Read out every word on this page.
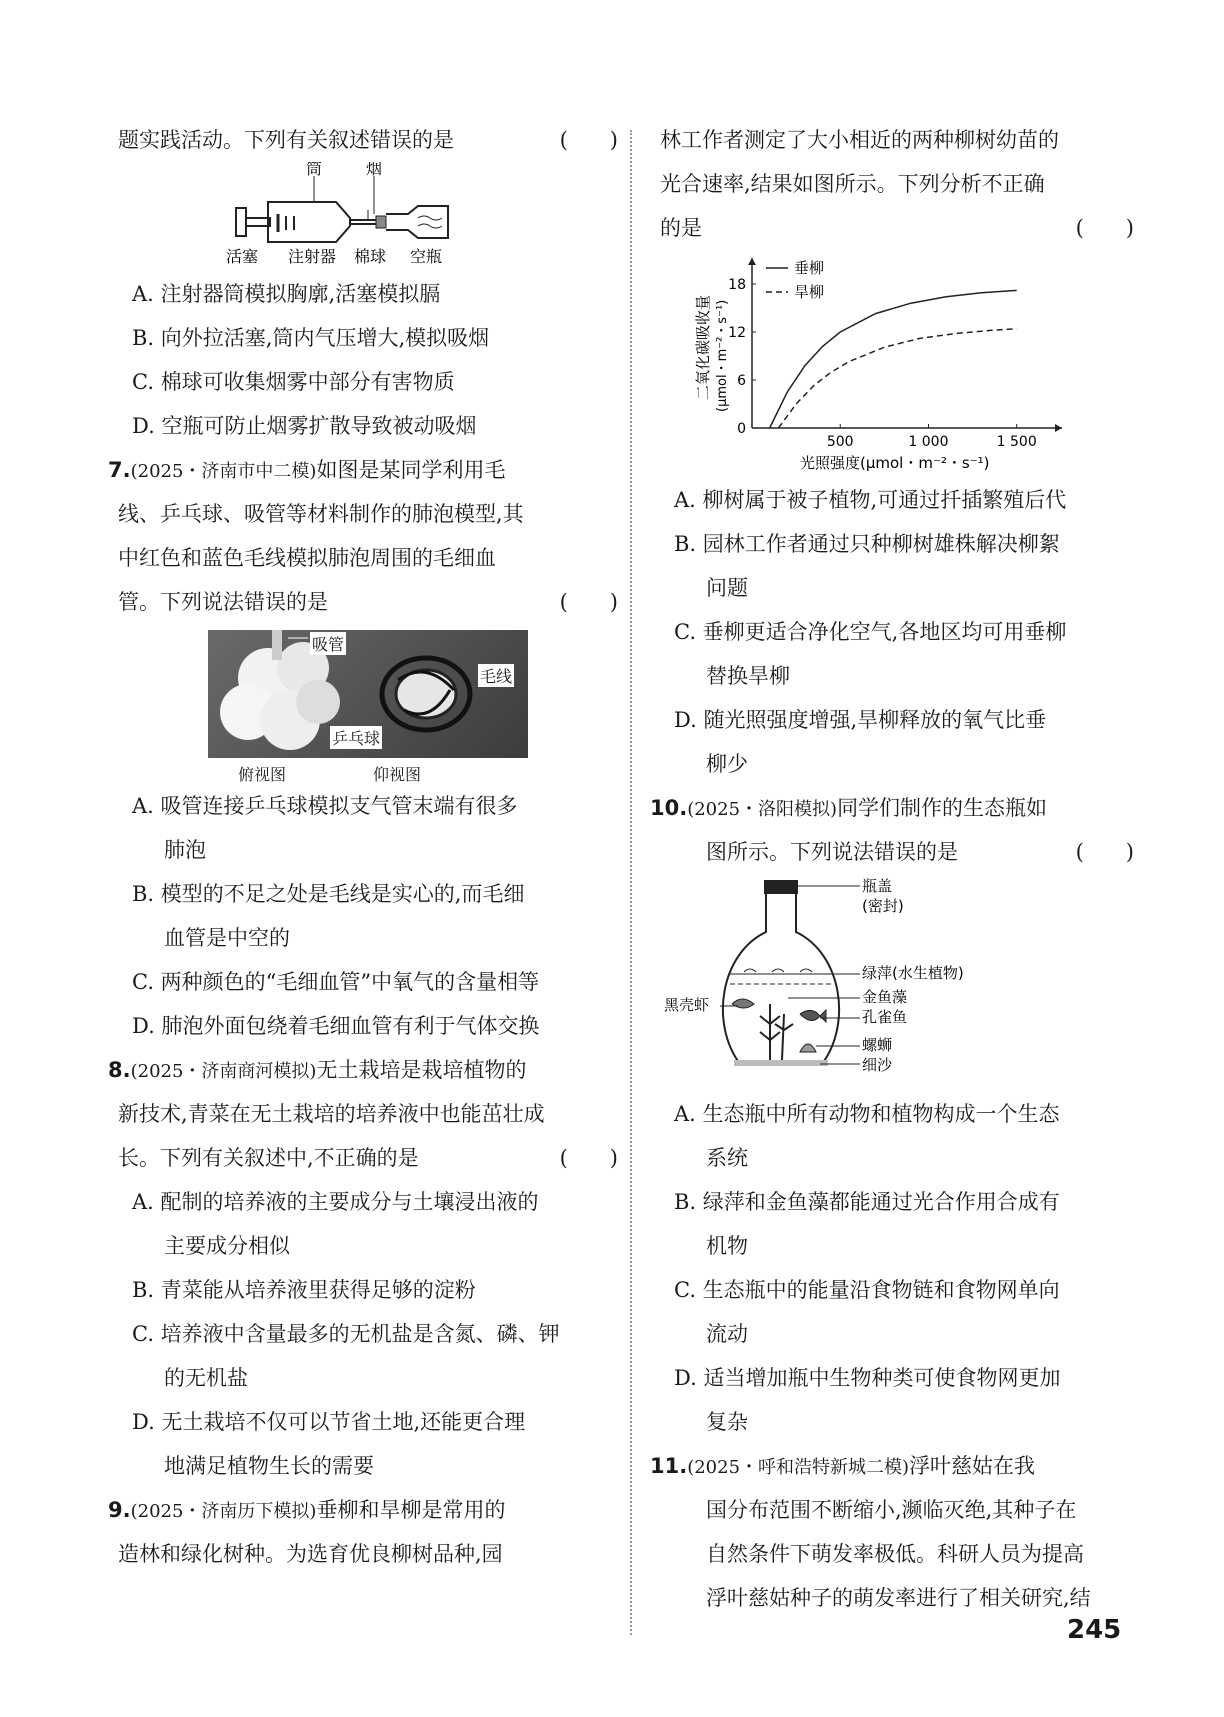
题实践活动。下列有关叙述错误的是	(　　)
筒	烟
活塞 注射器 棉球 空瓶
A. 注射器筒模拟胸廓,活塞模拟膈
B. 向外拉活塞,筒内气压增大,模拟吸烟
C. 棉球可收集烟雾中部分有害物质
D. 空瓶可防止烟雾扩散导致被动吸烟
7.(2025・济南市中二模)如图是某同学利用毛
线、乒乓球、吸管等材料制作的肺泡模型,其
中红色和蓝色毛线模拟肺泡周围的毛细血
管。下列说法错误的是	(　　)
吸管
毛线
乒乓球
俯视图	仰视图
A. 吸管连接乒乓球模拟支气管末端有很多
肺泡
B. 模型的不足之处是毛线是实心的,而毛细
血管是中空的
C. 两种颜色的“毛细血管”中氧气的含量相等
D. 肺泡外面包绕着毛细血管有利于气体交换
8.(2025・济南商河模拟)无土栽培是栽培植物的
新技术,青菜在无土栽培的培养液中也能茁壮成
长。下列有关叙述中,不正确的是	(　　)
A. 配制的培养液的主要成分与土壤浸出液的
主要成分相似
B. 青菜能从培养液里获得足够的淀粉
C. 培养液中含量最多的无机盐是含氮、磷、钾
的无机盐
D. 无土栽培不仅可以节省土地,还能更合理
地满足植物生长的需要
9.(2025・济南历下模拟)垂柳和旱柳是常用的
造林和绿化树种。为选育优良柳树品种,园
林工作者测定了大小相近的两种柳树幼苗的
光合速率,结果如图所示。下列分析不正确
的是	(　　)
500	1 000	1 500
0
6
12
18
垂柳
旱柳
二氧化碳吸收量 (μmol・m⁻²・s⁻¹)
光照强度(μmol・m⁻²・s⁻¹)
A. 柳树属于被子植物,可通过扦插繁殖后代
B. 园林工作者通过只种柳树雄株解决柳絮
问题
C. 垂柳更适合净化空气,各地区均可用垂柳
替换旱柳
D. 随光照强度增强,旱柳释放的氧气比垂
柳少
10.(2025・洛阳模拟)同学们制作的生态瓶如
图所示。下列说法错误的是	(　　)
瓶盖
(密封)
绿萍(水生植物)
黑壳虾	金鱼藻
孔雀鱼
螺蛳
细沙
A. 生态瓶中所有动物和植物构成一个生态
系统
B. 绿萍和金鱼藻都能通过光合作用合成有
机物
C. 生态瓶中的能量沿食物链和食物网单向
流动
D. 适当增加瓶中生物种类可使食物网更加
复杂
11.(2025・呼和浩特新城二模)浮叶慈姑在我
国分布范围不断缩小,濒临灭绝,其种子在
自然条件下萌发率极低。科研人员为提高
浮叶慈姑种子的萌发率进行了相关研究,结
245
